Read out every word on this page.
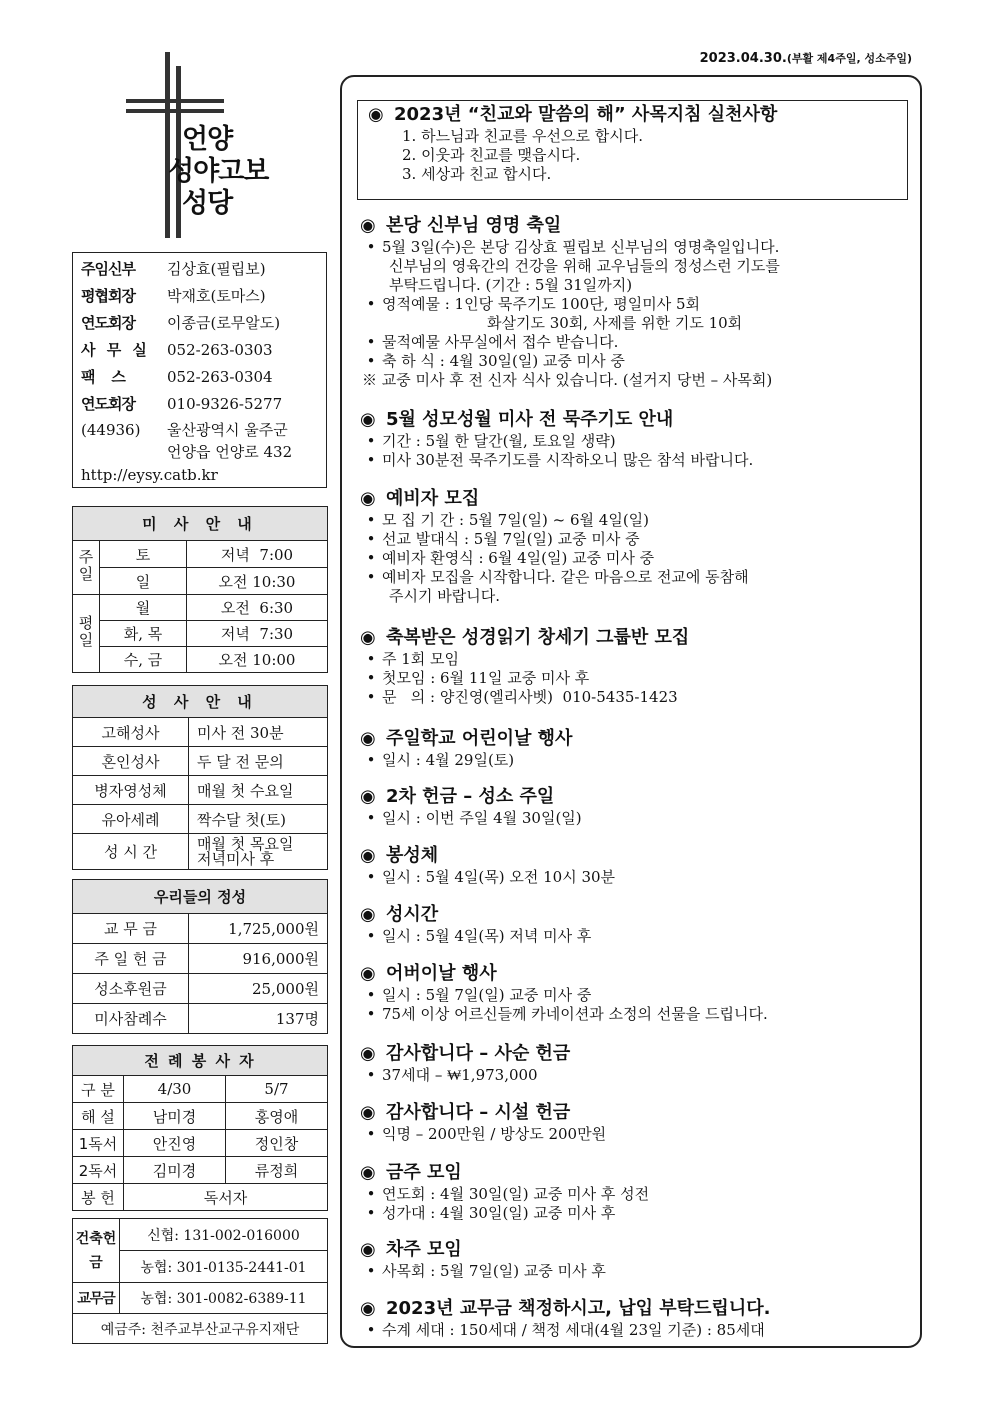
2023.04.30.(부활 제4주일, 성소주일)
언양
성야고보
성당
주임신부	김상효(필립보)
평협회장	박재호(토마스)
연도회장	이종금(로무알도)
사 무 실	052-263-0303
팩    스	052-263-0304
연도회장	010-9326-5277
(44936)	울산광역시 울주군
언양읍 언양로 432
http://eysy.catb.kr
미 사 안 내		
주일	토	저녁  7:00
	일	오전 10:30
평일	월	오전  6:30
	화, 목	저녁  7:30
	수, 금	오전 10:00
성 사 안 내	
고해성사	미사 전 30분
혼인성사	두 달 전 문의
병자영성체	매월 첫 수요일
유아세례	짝수달 첫(토)
성 시 간	매월 첫 목요일
저녁미사 후
우리들의 정성	
교 무 금	1,725,000원
주 일 헌 금	916,000원
성소후원금	25,000원
미사참례수	137명
전 례 봉 사 자		
구 분	4/30	5/7
해 설	남미경	홍영애
1독서	안진영	정인창
2독서	김미경	류정희
봉 헌	독서자	
건축헌금	신협: 131-002-016000
	농협: 301-0135-2441-01
교무금	농협: 301-0082-6389-11
예금주: 천주교부산교구유지재단	
◉ 2023년 “친교와 말씀의 해” 사목지침 실천사항
1. 하느님과 친교를 우선으로 합시다.
2. 이웃과 친교를 맺읍시다.
3. 세상과 친교 합시다.
◉ 본당 신부님 영명 축일
• 5월 3일(수)은 본당 김상효 필립보 신부님의 영명축일입니다.
신부님의 영육간의 건강을 위해 교우님들의 정성스런 기도를
부탁드립니다. (기간 : 5월 31일까지)
• 영적예물 : 1인당 묵주기도 100단, 평일미사 5회
화살기도 30회, 사제를 위한 기도 10회
• 물적예물 사무실에서 접수 받습니다.
• 축 하 식 : 4월 30일(일) 교중 미사 중
※ 교중 미사 후 전 신자 식사 있습니다. (설거지 당번 – 사목회)
◉ 5월 성모성월 미사 전 묵주기도 안내
• 기간 : 5월 한 달간(월, 토요일 생략)
• 미사 30분전 묵주기도를 시작하오니 많은 참석 바랍니다.
◉ 예비자 모집
• 모 집 기 간 : 5월 7일(일) ~ 6월 4일(일)
• 선교 발대식 : 5월 7일(일) 교중 미사 중
• 예비자 환영식 : 6월 4일(일) 교중 미사 중
• 예비자 모집을 시작합니다. 같은 마음으로 전교에 동참해
주시기 바랍니다.
◉ 축복받은 성경읽기 창세기 그룹반 모집
• 주 1회 모임
• 첫모임 : 6월 11일 교중 미사 후
• 문   의 : 양진영(엘리사벳)  010-5435-1423
◉ 주일학교 어린이날 행사
• 일시 : 4월 29일(토)
◉ 2차 헌금 – 성소 주일
• 일시 : 이번 주일 4월 30일(일)
◉ 봉성체
• 일시 : 5월 4일(목) 오전 10시 30분
◉ 성시간
• 일시 : 5월 4일(목) 저녁 미사 후
◉ 어버이날 행사
• 일시 : 5월 7일(일) 교중 미사 중
• 75세 이상 어르신들께 카네이션과 소정의 선물을 드립니다.
◉ 감사합니다 – 사순 헌금
• 37세대 – ₩1,973,000
◉ 감사합니다 – 시설 헌금
• 익명 – 200만원 / 방상도 200만원
◉ 금주 모임
• 연도회 : 4월 30일(일) 교중 미사 후 성전
• 성가대 : 4월 30일(일) 교중 미사 후
◉ 차주 모임
• 사목회 : 5월 7일(일) 교중 미사 후
◉ 2023년 교무금 책정하시고, 납입 부탁드립니다.
• 수계 세대 : 150세대 / 책정 세대(4월 23일 기준) : 85세대
